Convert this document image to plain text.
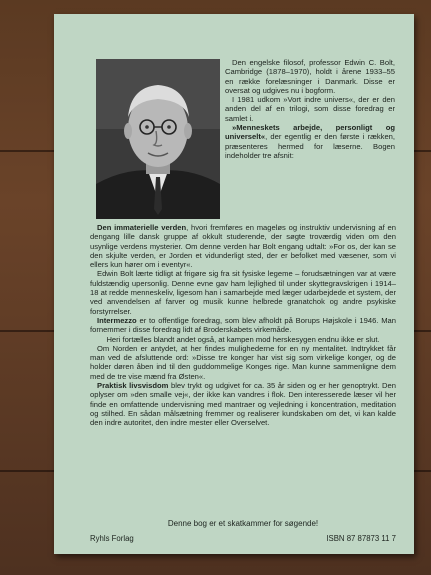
Den engelske filosof, professor Edwin C. Bolt, Cambridge (1878–1970), holdt i årene 1933–55 en række forelæsninger i Danmark. Disse er oversat og udgives nu i bogform.

I 1981 udkom »Vort indre univers«, der er den anden del af en trilogi, som disse foredrag er samlet i.

»Menneskets arbejde, personligt og universelt«, der egentlig er den første i rækken, præsenteres hermed for læserne. Bogen indeholder tre afsnit:

Den immaterielle verden, hvori fremføres en mageløs og instruktiv undervisning af en dengang lille dansk gruppe af okkult studerende, der søgte troværdig viden om den usynlige verdens mysterier. Om denne verden har Bolt engang udtalt: »For os, der kan se den skjulte verden, er Jorden et vidunderligt sted, der er befolket med væsener, som vi ellers kun hører om i eventyr«.

Edwin Bolt lærte tidligt at frigøre sig fra sit fysiske legeme – forudsætningen var at være fuldstændig upersonlig. Denne evne gav ham lejlighed til under skyttegravskrigen i 1914–18 at redde menneskeliv, ligesom han i samarbejde med læger udarbejdede et system, der ved anvendelsen af farver og musik kunne helbrede granatchok og andre psykiske forstyrrelser.

Intermezzo er to offentlige foredrag, som blev afholdt på Borups Højskole i 1946. Man fornemmer i disse foredrag lidt af Broderskabets virkemåde.

Heri fortælles blandt andet også, at kampen mod herskesygen endnu ikke er slut.

Om Norden er antydet, at her findes mulighederne for en ny mentalitet. Indtrykket får man ved de afsluttende ord: »Disse tre konger har vist sig som virkelige konger, og de holder døren åben ind til den guddommelige Konges rige. Man kunne sammenligne dem med de tre vise mænd fra Østen«.

Praktisk livsvisdom blev trykt og udgivet for ca. 35 år siden og er her genoptrykt. Den oplyser om »den smalle vej«, der ikke kan vandres i flok. Den interesserede læser vil her finde en omfattende undervisning med mantraer og vejledning i koncentration, meditation og stilhed. En sådan målsætning fremmer og realiserer kundskaben om det, vi kan kalde den indre autoritet, den indre mester eller Overselvet.

Denne bog er et skatkammer for søgende!
Ryhls Forlag	ISBN 87 87873 11 7
